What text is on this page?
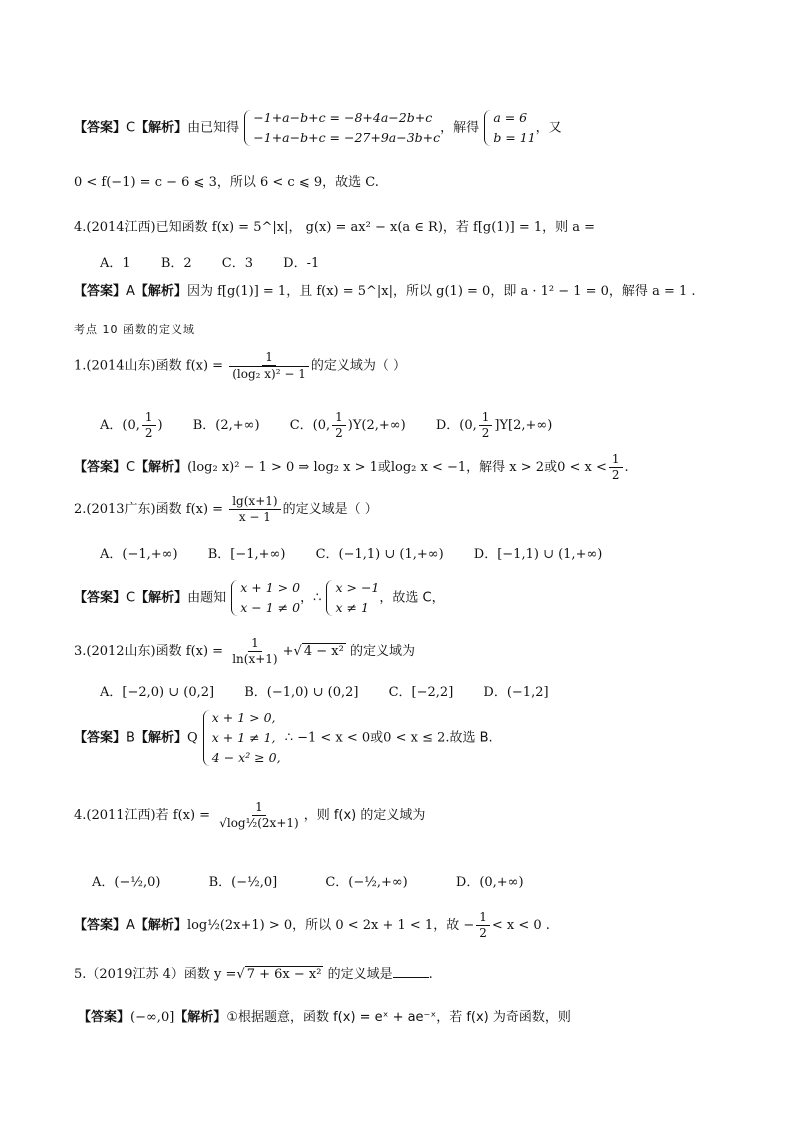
【答案】C【解析】由已知得
−1+a−b+c = −8+4a−2b+c
−1+a−b+c = −27+9a−3b+c
，解得
a = 6
b = 11
，又
0 < f(−1) = c − 6 ⩽ 3，所以 6 < c ⩽ 9，故选 C.
4.(2014江西)已知函数 f(x) = 5^|x|， g(x) = ax² − x(a ∈ R)，若 f[g(1)] = 1，则 a =
A．1 B．2 C．3 D．-1
【答案】A【解析】因为 f[g(1)] = 1，且 f(x) = 5^|x|，所以 g(1) = 0，即 a · 1² − 1 = 0，解得 a = 1 .
考点 10 函数的定义域
1.(2014山东)函数 $f(x) = \frac{1}{\text{(log₂ x)² − 1}}$ 的定义域为（ ）
A．(0, $\frac{1}{2}$ ) B．(2,+∞) C．(0, $\frac{1}{2} )Y(2,+\infty)$ D．(0, $\frac{1}{2} ]Y[2,+\infty)$
【答案】C【解析】(log₂ x)² − 1 > 0 ⇒ log₂ x > 1或log₂ x < −1，解得 x > 2或$0 < x < \frac{1}{2}$ .
2.(2013广东)函数 $f(x) = \frac{\lg(x+1)}{x - 1}$ 的定义域是（ ）
A．(−1,+∞) B．[−1,+∞) C．(−1,1) ∪ (1,+∞) D．[−1,1) ∪ (1,+∞)
【答案】C【解析】由题知
x + 1 > 0
x − 1 ≠ 0
，∴
x > −1
x ≠ 1
，故选 C，
3.(2012山东)函数 $f(x) = \frac{1}{\ln(x+1)}$ +√ 4 − x² 的定义域为
A．[−2,0) ∪ (0,2] B．(−1,0) ∪ (0,2] C．[−2,2] D．(−1,2]
【答案】B【解析】Q
x + 1 > 0,
x + 1 ≠ 1,
4 − x² ≥ 0,
∴ −1 < x < 0或0 < x ≤ 2.故选 B.
4.(2011江西)若 $f(x) = \frac{1}{\text{√log½(2x+1)}}$ ，则 f(x) 的定义域为
A．(−½,0)	B．(−½,0]	C．(−½,+∞)	D．(0,+∞)
【答案】A【解析】log½(2x+1) > 0，所以 0 < 2x + 1 < 1，故 − $\frac{1}{2} < x < 0$ .
5.（2019江苏 4）函数 y =√ 7 + 6x − x² 的定义域是	.
【答案】(−∞,0]【解析】①根据题意，函数 f(x) = eˣ + ae⁻ˣ，若 f(x) 为奇函数，则
